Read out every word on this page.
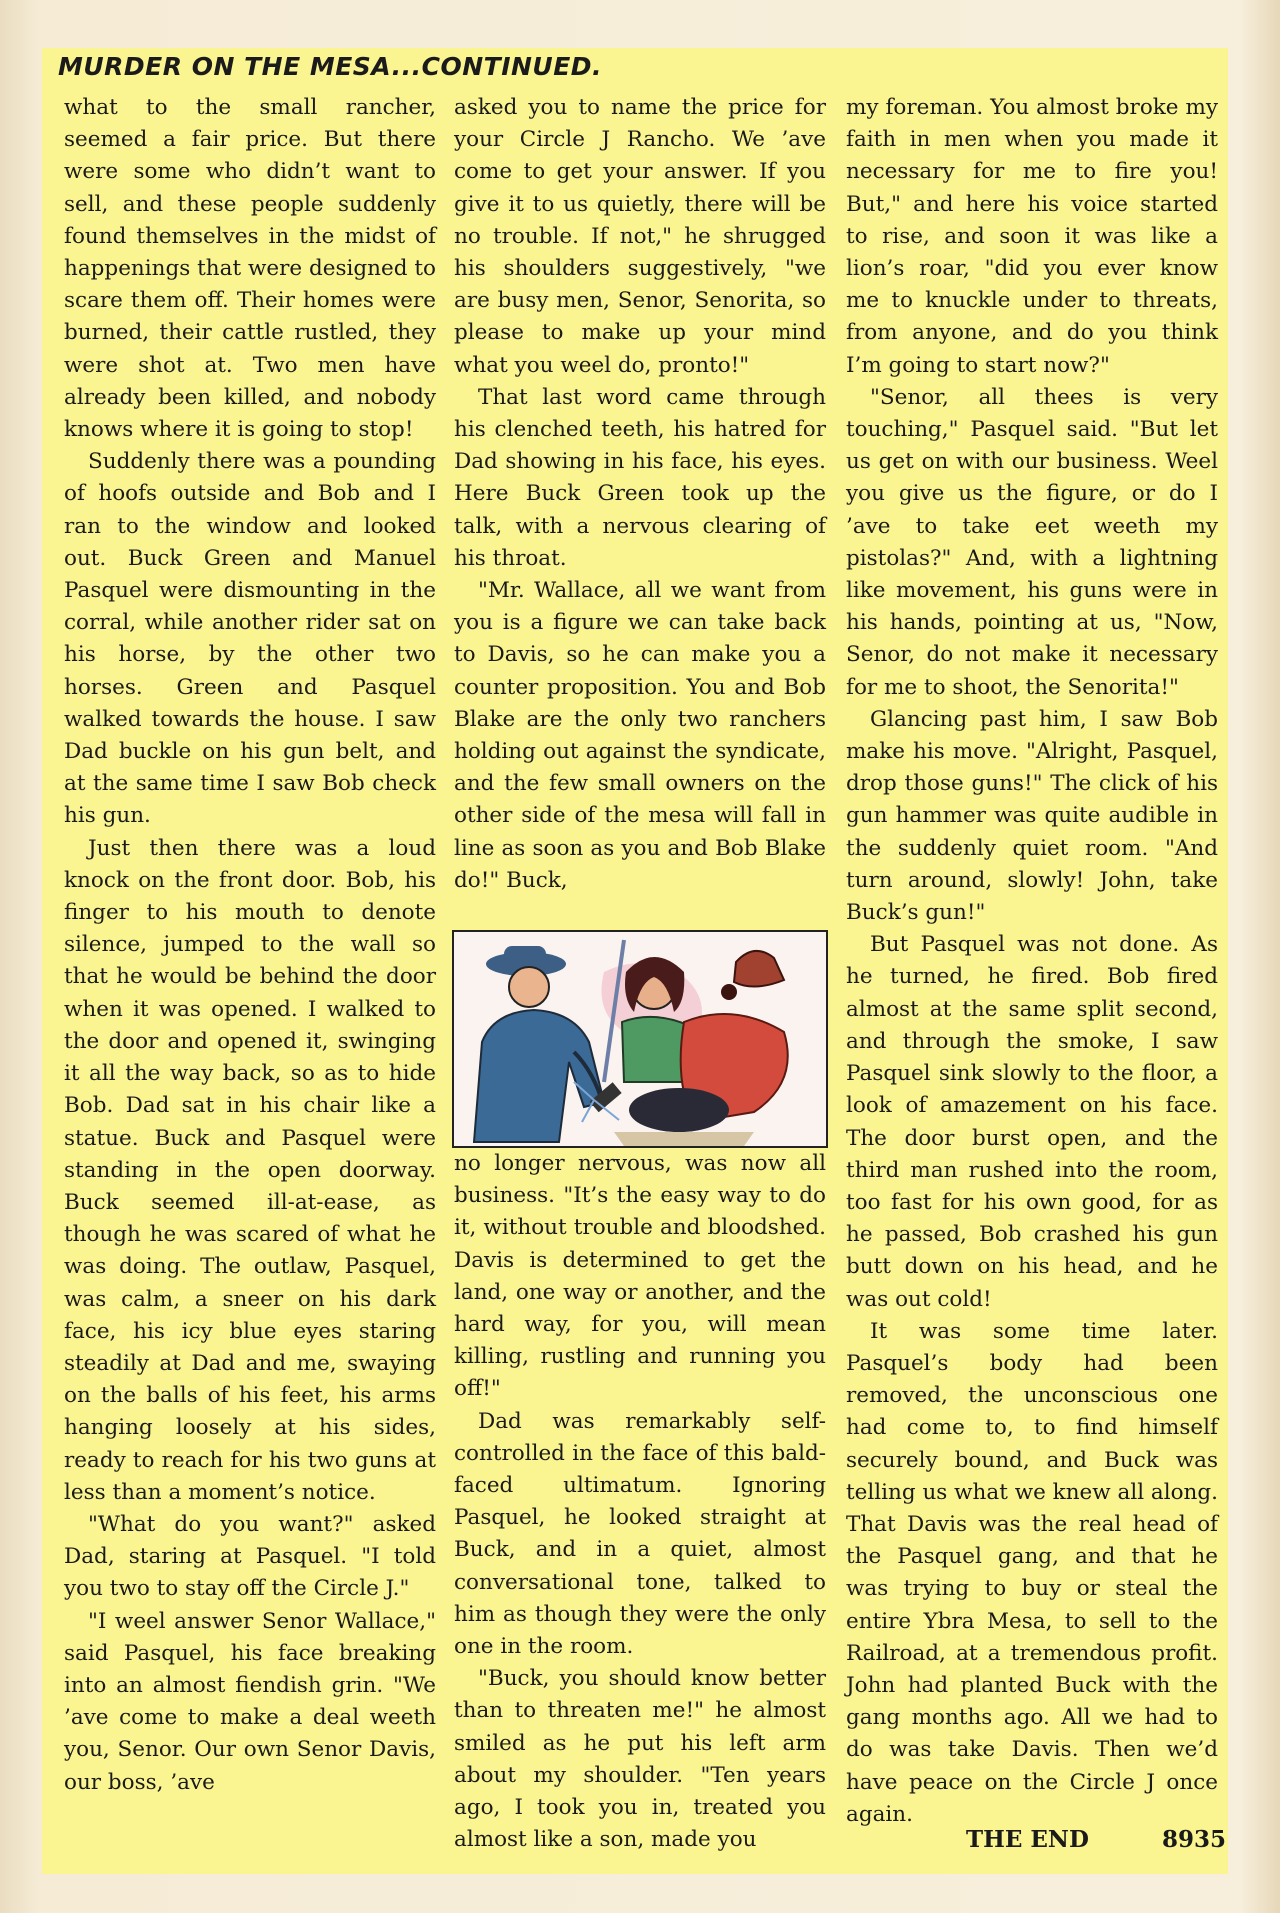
MURDER ON THE MESA...CONTINUED.

what to the small rancher, seemed a fair price. But there were some who didn’t want to sell, and these people suddenly found themselves in the midst of happenings that were designed to scare them off. Their homes were burned, their cattle rustled, they were shot at. Two men have already been killed, and nobody knows where it is going to stop!

Suddenly there was a pounding of hoofs outside and Bob and I ran to the window and looked out. Buck Green and Manuel Pasquel were dismounting in the corral, while another rider sat on his horse, by the other two horses. Green and Pasquel walked towards the house. I saw Dad buckle on his gun belt, and at the same time I saw Bob check his gun.

Just then there was a loud knock on the front door. Bob, his finger to his mouth to denote silence, jumped to the wall so that he would be behind the door when it was opened. I walked to the door and opened it, swinging it all the way back, so as to hide Bob. Dad sat in his chair like a statue. Buck and Pasquel were standing in the open doorway. Buck seemed ill-at-ease, as though he was scared of what he was doing. The outlaw, Pasquel, was calm, a sneer on his dark face, his icy blue eyes staring steadily at Dad and me, swaying on the balls of his feet, his arms hanging loosely at his sides, ready to reach for his two guns at less than a moment’s notice.

"What do you want?" asked Dad, staring at Pasquel. "I told you two to stay off the Circle J."

"I weel answer Senor Wallace," said Pasquel, his face breaking into an almost fiendish grin. "We ’ave come to make a deal weeth you, Senor. Our own Senor Davis, our boss, ’ave

asked you to name the price for your Circle J Rancho. We ’ave come to get your answer. If you give it to us quietly, there will be no trouble. If not," he shrugged his shoulders suggestively, "we are busy men, Senor, Senorita, so please to make up your mind what you weel do, pronto!"

That last word came through his clenched teeth, his hatred for Dad showing in his face, his eyes. Here Buck Green took up the talk, with a nervous clearing of his throat.

"Mr. Wallace, all we want from you is a figure we can take back to Davis, so he can make you a counter proposition. You and Bob Blake are the only two ranchers holding out against the syndicate, and the few small owners on the other side of the mesa will fall in line as soon as you and Bob Blake do!" Buck,

no longer nervous, was now all business. "It’s the easy way to do it, without trouble and bloodshed. Davis is determined to get the land, one way or another, and the hard way, for you, will mean killing, rustling and running you off!"

Dad was remarkably self-controlled in the face of this bald-faced ultimatum. Ignoring Pasquel, he looked straight at Buck, and in a quiet, almost conversational tone, talked to him as though they were the only one in the room.

"Buck, you should know better than to threaten me!" he almost smiled as he put his left arm about my shoulder. "Ten years ago, I took you in, treated you almost like a son, made you

my foreman. You almost broke my faith in men when you made it necessary for me to fire you! But," and here his voice started to rise, and soon it was like a lion’s roar, "did you ever know me to knuckle under to threats, from anyone, and do you think I’m going to start now?"

"Senor, all thees is very touching," Pasquel said. "But let us get on with our business. Weel you give us the figure, or do I ’ave to take eet weeth my pistolas?" And, with a lightning like movement, his guns were in his hands, pointing at us, "Now, Senor, do not make it necessary for me to shoot, the Senorita!"

Glancing past him, I saw Bob make his move. "Alright, Pasquel, drop those guns!" The click of his gun hammer was quite audible in the suddenly quiet room. "And turn around, slowly! John, take Buck’s gun!"

But Pasquel was not done. As he turned, he fired. Bob fired almost at the same split second, and through the smoke, I saw Pasquel sink slowly to the floor, a look of amazement on his face. The door burst open, and the third man rushed into the room, too fast for his own good, for as he passed, Bob crashed his gun butt down on his head, and he was out cold!

It was some time later. Pasquel’s body had been removed, the unconscious one had come to, to find himself securely bound, and Buck was telling us what we knew all along. That Davis was the real head of the Pasquel gang, and that he was trying to buy or steal the entire Ybra Mesa, to sell to the Railroad, at a tremendous profit. John had planted Buck with the gang months ago. All we had to do was take Davis. Then we’d have peace on the Circle J once again.

THE END	8935
